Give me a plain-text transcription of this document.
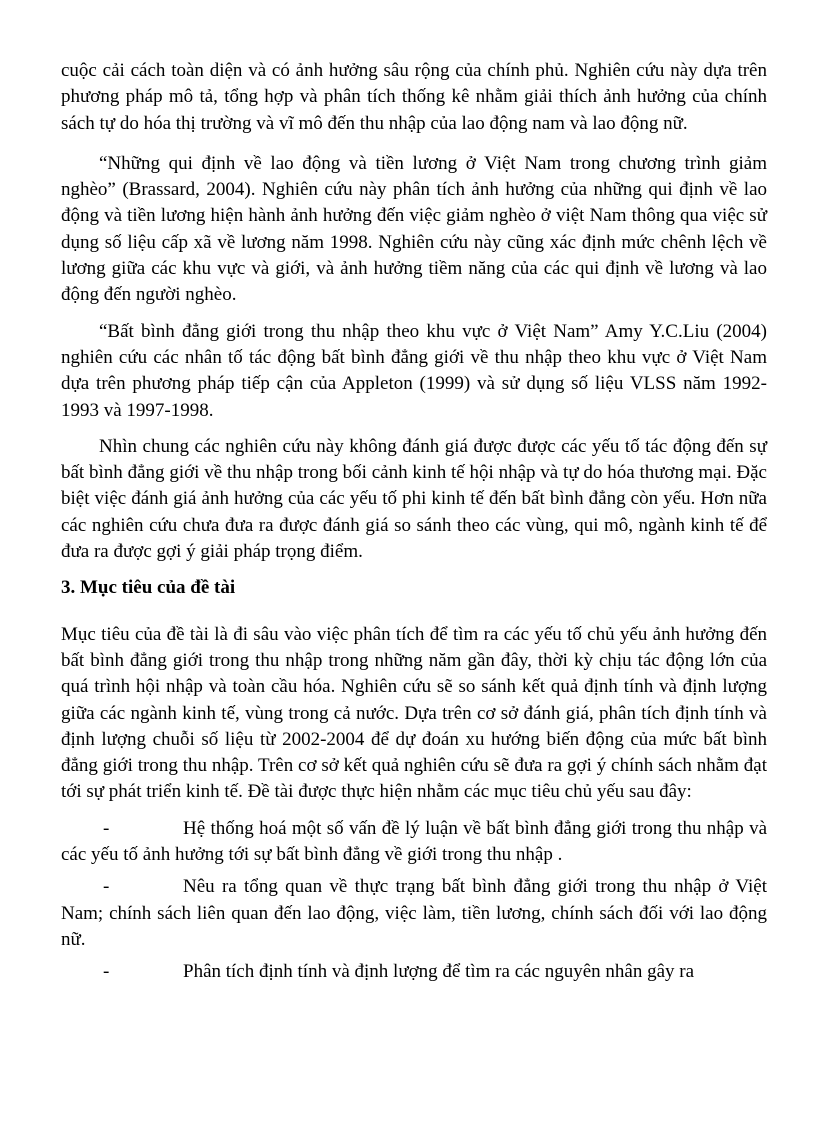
cuộc cải cách toàn diện và có ảnh hưởng sâu rộng của chính phủ. Nghiên cứu này dựa trên phương pháp mô tả, tổng hợp và phân tích thống kê nhằm giải thích ảnh hưởng của chính sách tự do hóa thị trường và vĩ mô đến thu nhập của lao động nam và lao động nữ.

“Những qui định về lao động và tiền lương ở Việt Nam trong chương trình giảm nghèo” (Brassard, 2004). Nghiên cứu này phân tích ảnh hưởng của những qui định về lao động và tiền lương hiện hành ảnh hưởng đến việc giảm nghèo ở việt Nam thông qua việc sử dụng số liệu cấp xã về lương năm 1998. Nghiên cứu này cũng xác định mức chênh lệch về lương giữa các khu vực và giới, và ảnh hưởng tiềm năng của các qui định về lương và lao động đến người nghèo.

“Bất bình đẳng giới trong thu nhập theo khu vực ở Việt Nam” Amy Y.C.Liu (2004) nghiên cứu các nhân tố tác động bất bình đẳng giới về thu nhập theo khu vực ở Việt Nam dựa trên phương pháp tiếp cận của Appleton (1999) và sử dụng số liệu VLSS năm 1992-1993 và 1997-1998.

Nhìn chung các nghiên cứu này không đánh giá được được các yếu tố tác động đến sự bất bình đẳng giới về thu nhập trong bối cảnh kinh tế hội nhập và tự do hóa thương mại. Đặc biệt việc đánh giá ảnh hưởng của các yếu tố phi kinh tế đến bất bình đẳng còn yếu. Hơn nữa các nghiên cứu chưa đưa ra được đánh giá so sánh theo các vùng, qui mô, ngành kinh tế để đưa ra được gợi ý giải pháp trọng điểm.

3. Mục tiêu của đề tài

Mục tiêu của đề tài là đi sâu vào việc phân tích để tìm ra các yếu tố chủ yếu ảnh hưởng đến bất bình đẳng giới trong thu nhập trong những năm gần đây, thời kỳ chịu tác động lớn của quá trình hội nhập và toàn cầu hóa. Nghiên cứu sẽ so sánh kết quả định tính và định lượng giữa các ngành kinh tế, vùng trong cả nước. Dựa trên cơ sở đánh giá, phân tích định tính và định lượng chuỗi số liệu từ 2002-2004 để dự đoán xu hướng biến động của mức bất bình đẳng giới trong thu nhập. Trên cơ sở kết quả nghiên cứu sẽ đưa ra gợi ý chính sách nhằm đạt tới sự phát triển kinh tế. Đề tài được thực hiện nhằm các mục tiêu chủ yếu sau đây:

-	Hệ thống hoá một số vấn đề lý luận về bất bình đẳng giới trong thu nhập và các yếu tố ảnh hưởng tới sự bất bình đẳng về giới trong thu nhập .

-	Nêu ra tổng quan về thực trạng bất bình đẳng giới trong thu nhập ở Việt Nam; chính sách liên quan đến lao động, việc làm, tiền lương, chính sách đối với lao động nữ.

-	Phân tích định tính và định lượng để tìm ra các nguyên nhân gây ra
